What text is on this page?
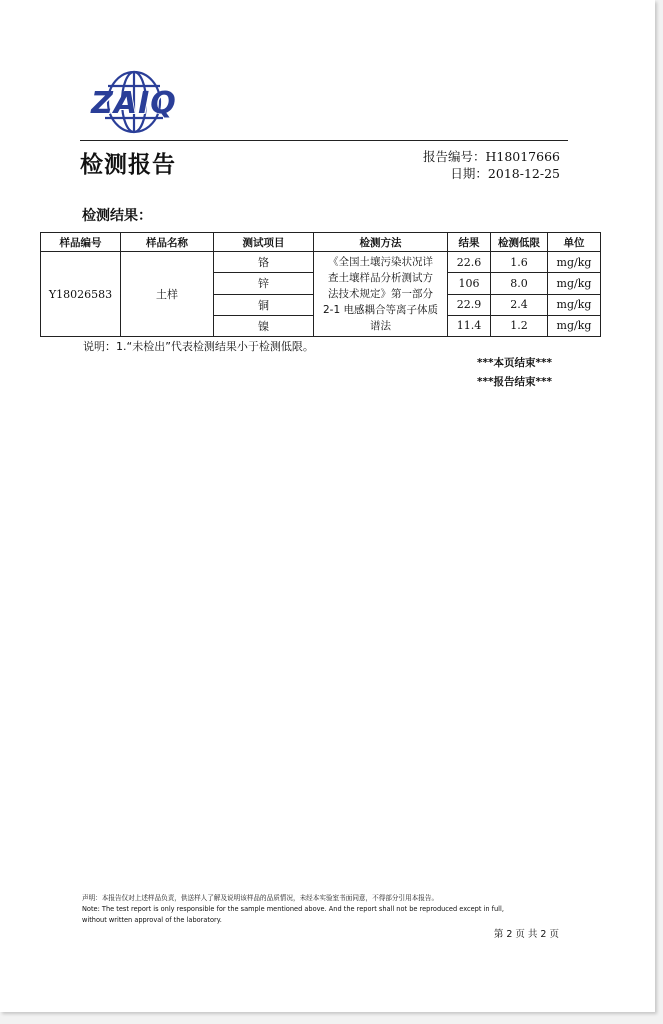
ZAIQ
检测报告	报告编号：H18017666
日期：2018-12-25
检测结果：
样品编号	样品名称	测试项目	检测方法	结果	检测低限	单位
Y18026583	土样	铬	《全国土壤污染状况详
查土壤样品分析测试方
法技术规定》第一部分
2-1 电感耦合等离子体质
谱法	22.6	1.6	mg/kg
		锌		106	8.0	mg/kg
		铜		22.9	2.4	mg/kg
		镍		11.4	1.2	mg/kg
说明：1.“未检出”代表检测结果小于检测低限。
***本页结束***
***报告结束***
声明：本报告仅对上述样品负责，供送样人了解及说明该样品的品质情况，未经本实验室书面同意，不得部分引用本报告。
Note: The test report is only responsible for the sample mentioned above. And the report shall not be reproduced except in full,
without written approval of the laboratory.
第 2 页 共 2 页
